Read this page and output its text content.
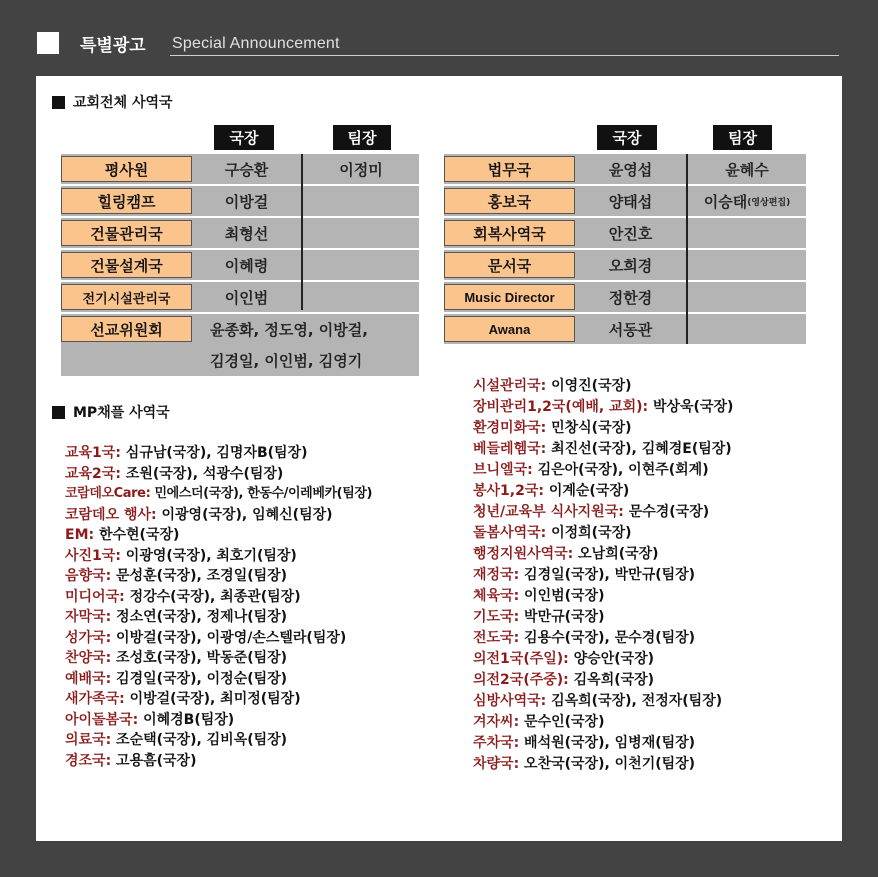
특별광고 Special Announcement
교회전체 사역국
국장	팀장	국장	팀장
평사원	구승환	이정미
힐링캠프	이방걸
건물관리국	최형선
건물설계국	이혜령
전기시설관리국	이인범
선교위원회	윤종화, 정도영, 이방걸,
김경일, 이인범, 김영기
법무국	윤영섭	윤혜수
홍보국	양태섭	이승태 (영상편집)
회복사역국	안진호
문서국	오희경
Music Director	정한경
Awana	서동관
MP채플 사역국
교육1국: 심규남(국장), 김명자B(팀장)
교육2국: 조원(국장), 석광수(팀장)
코람데오Care: 민에스더(국장), 한동수/이레베카(팀장)
코람데오 행사: 이광영(국장), 임혜신(팀장)
EM: 한수현(국장)
사진1국: 이광영(국장), 최호기(팀장)
음향국: 문성훈(국장), 조경일(팀장)
미디어국: 정강수(국장), 최종관(팀장)
자막국: 정소연(국장), 정제나(팀장)
성가국: 이방걸(국장), 이광영/손스텔라(팀장)
찬양국: 조성호(국장), 박동준(팀장)
예배국: 김경일(국장), 이정순(팀장)
새가족국: 이방걸(국장), 최미정(팀장)
아이돌봄국: 이혜경B(팀장)
의료국: 조순택(국장), 김비옥(팀장)
경조국: 고용흠(국장)
시설관리국: 이영진(국장)
장비관리1,2국(예배, 교회): 박상욱(국장)
환경미화국: 민창식(국장)
베들레헴국: 최진선(국장), 김혜경E(팀장)
브니엘국: 김은아(국장), 이현주(회계)
봉사1,2국: 이계순(국장)
청년/교육부 식사지원국: 문수경(국장)
돌봄사역국: 이정희(국장)
행정지원사역국: 오남희(국장)
재정국: 김경일(국장), 박만규(팀장)
체육국: 이인범(국장)
기도국: 박만규(국장)
전도국: 김용수(국장), 문수경(팀장)
의전1국(주일): 양승안(국장)
의전2국(주중): 김옥희(국장)
심방사역국: 김옥희(국장), 전정자(팀장)
겨자씨: 문수인(국장)
주차국: 배석원(국장), 임병재(팀장)
차량국: 오찬국(국장), 이천기(팀장)
